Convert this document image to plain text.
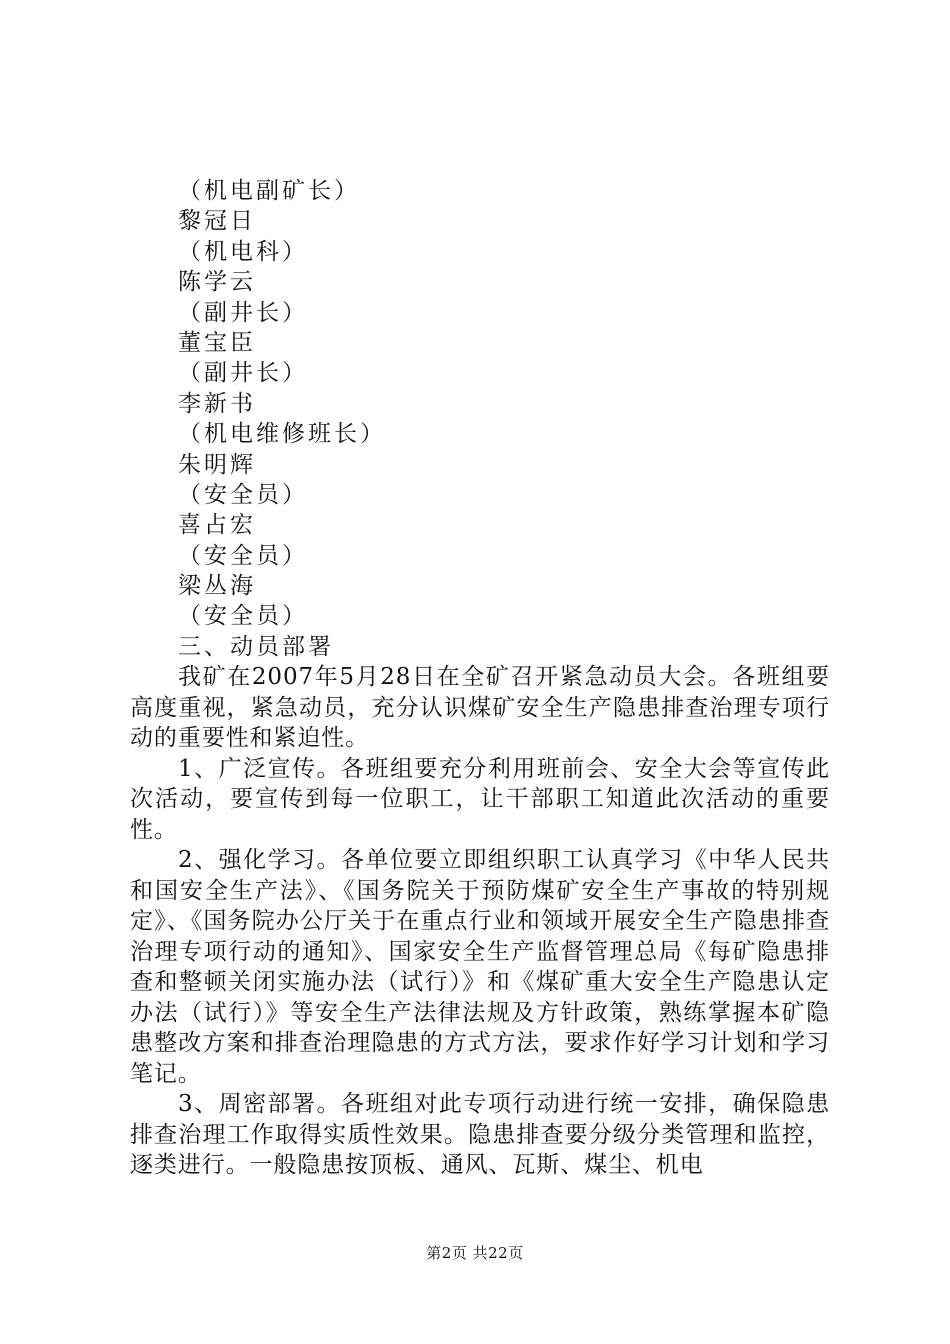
（机电副矿长）
黎冠日
（机电科）
陈学云
（副井长）
董宝臣
（副井长）
李新书
（机电维修班长）
朱明辉
（安全员）
喜占宏
（安全员）
梁丛海
（安全员）
三、动员部署

我矿在2007年5月28日在全矿召开紧急动员大会。各班组要高度重视，紧急动员，充分认识煤矿安全生产隐患排查治理专项行动的重要性和紧迫性。

1、广泛宣传。各班组要充分利用班前会、安全大会等宣传此次活动，要宣传到每一位职工，让干部职工知道此次活动的重要性。

2、强化学习。各单位要立即组织职工认真学习《中华人民共和国安全生产法》、《国务院关于预防煤矿安全生产事故的特别规定》、《国务院办公厅关于在重点行业和领域开展安全生产隐患排查治理专项行动的通知》、国家安全生产监督管理总局《每矿隐患排查和整顿关闭实施办法（试行）》和《煤矿重大安全生产隐患认定办法（试行）》等安全生产法律法规及方针政策，熟练掌握本矿隐患整改方案和排查治理隐患的方式方法，要求作好学习计划和学习笔记。

3、周密部署。各班组对此专项行动进行统一安排，确保隐患排查治理工作取得实质性效果。隐患排查要分级分类管理和监控，逐类进行。一般隐患按顶板、通风、瓦斯、煤尘、机电

第2页 共22页
